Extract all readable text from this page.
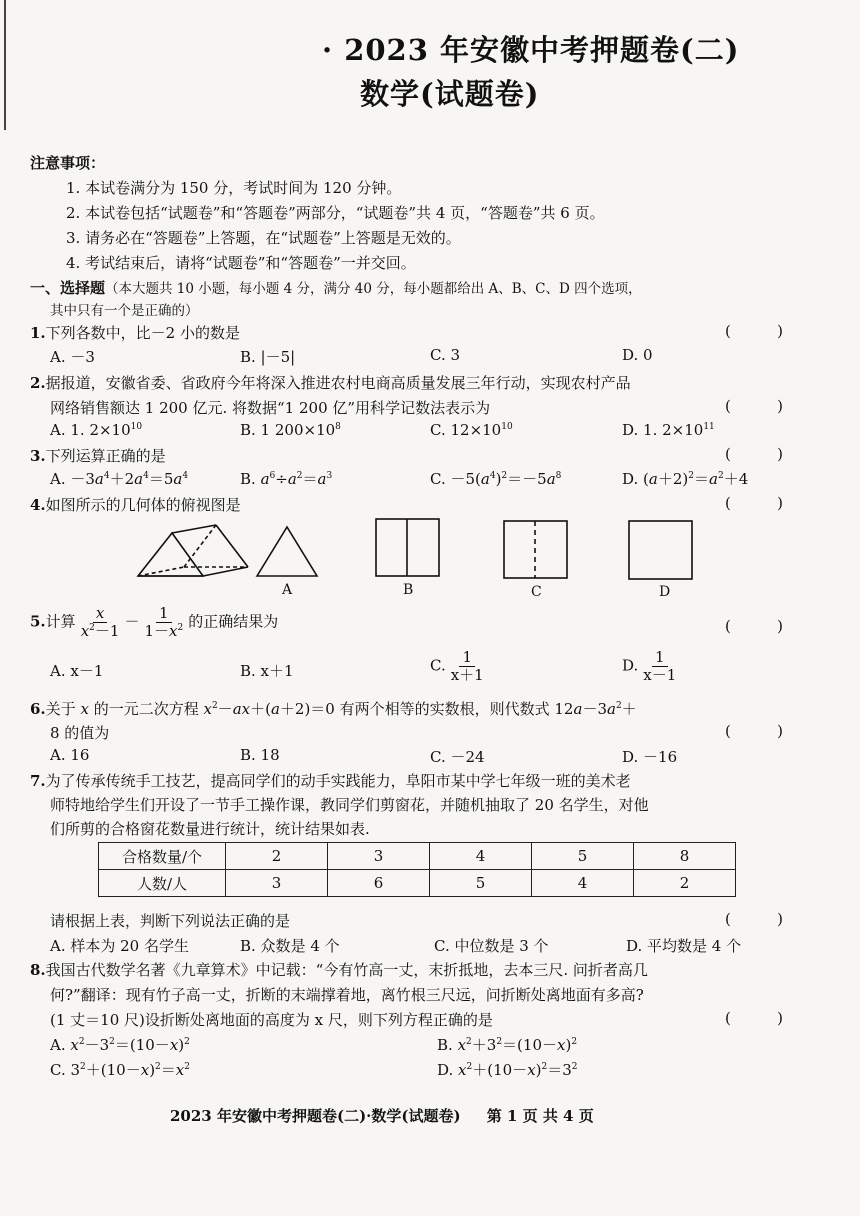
· 2023 年安徽中考押题卷(二)
数学(试题卷)
注意事项：
1. 本试卷满分为 150 分，考试时间为 120 分钟。
2. 本试卷包括“试题卷”和“答题卷”两部分，“试题卷”共 4 页，“答题卷”共 6 页。
3. 请务必在“答题卷”上答题，在“试题卷”上答题是无效的。
4. 考试结束后，请将“试题卷”和“答题卷”一并交回。
一、选择题（本大题共 10 小题，每小题 4 分，满分 40 分，每小题都给出 A、B、C、D 四个选项，
其中只有一个是正确的）
1.下列各数中，比－2 小的数是	(	)
A. －3	B. |－5|	C. 3	D. 0
2.据报道，安徽省委、省政府今年将深入推进农村电商高质量发展三年行动，实现农村产品
网络销售额达 1 200 亿元. 将数据“1 200 亿”用科学记数法表示为	(	)
A. 1. $2\times 10^{10}$	B. 1 $200\times 10^8$	C. $12\times 10^{10}$	D. 1. $2\times 10^{11}$
3.下列运算正确的是	(	)
A. $-3a^4+2a^4=5a^4$	B. $a^6\div a^2=a^3$	C. $-5(a^4)^2=-5a^8$	D. $(a+2)^2=a^2+4$
4.如图所示的几何体的俯视图是	(	)
A	B	C	D
5.计算 $\frac{x}{x^2-1} - \frac{1}{1-x^2}$ 的正确结果为	(	)
A. x－1	B. x＋1	C. $\frac{1}{x+1}$	D. $\frac{1}{x-1}$
6.关于 x 的一元二次方程 $x^2-ax+(a+2)=0$ 有两个相等的实数根，则代数式 $12a-3a^2+$
8 的值为	(	)
A. 16	B. 18	C. －24	D. －16
7.为了传承传统手工技艺，提高同学们的动手实践能力，阜阳市某中学七年级一班的美术老
师特地给学生们开设了一节手工操作课，教同学们剪窗花，并随机抽取了 20 名学生，对他
们所剪的合格窗花数量进行统计，统计结果如表.
合格数量/个	2	3	4	5	8
人数/人	3	6	5	4	2
请根据上表，判断下列说法正确的是	(	)
A. 样本为 20 名学生	B. 众数是 4 个	C. 中位数是 3 个	D. 平均数是 4 个
8.我国古代数学名著《九章算术》中记载：“今有竹高一丈，末折抵地，去本三尺. 问折者高几
何?”翻译：现有竹子高一丈，折断的末端撑着地，离竹根三尺远，问折断处离地面有多高?
(1 丈＝10 尺)设折断处离地面的高度为 x 尺，则下列方程正确的是	(	)
A. $x^2-3^2=(10-x)^2$	B. $x^2+3^2=(10-x)^2$
C. $3^2+(10-x)^2=x^2$	D. $x^2+(10-x)^2=3^2$
2023 年安徽中考押题卷(二)·数学(试题卷) 第 1 页 共 4 页
